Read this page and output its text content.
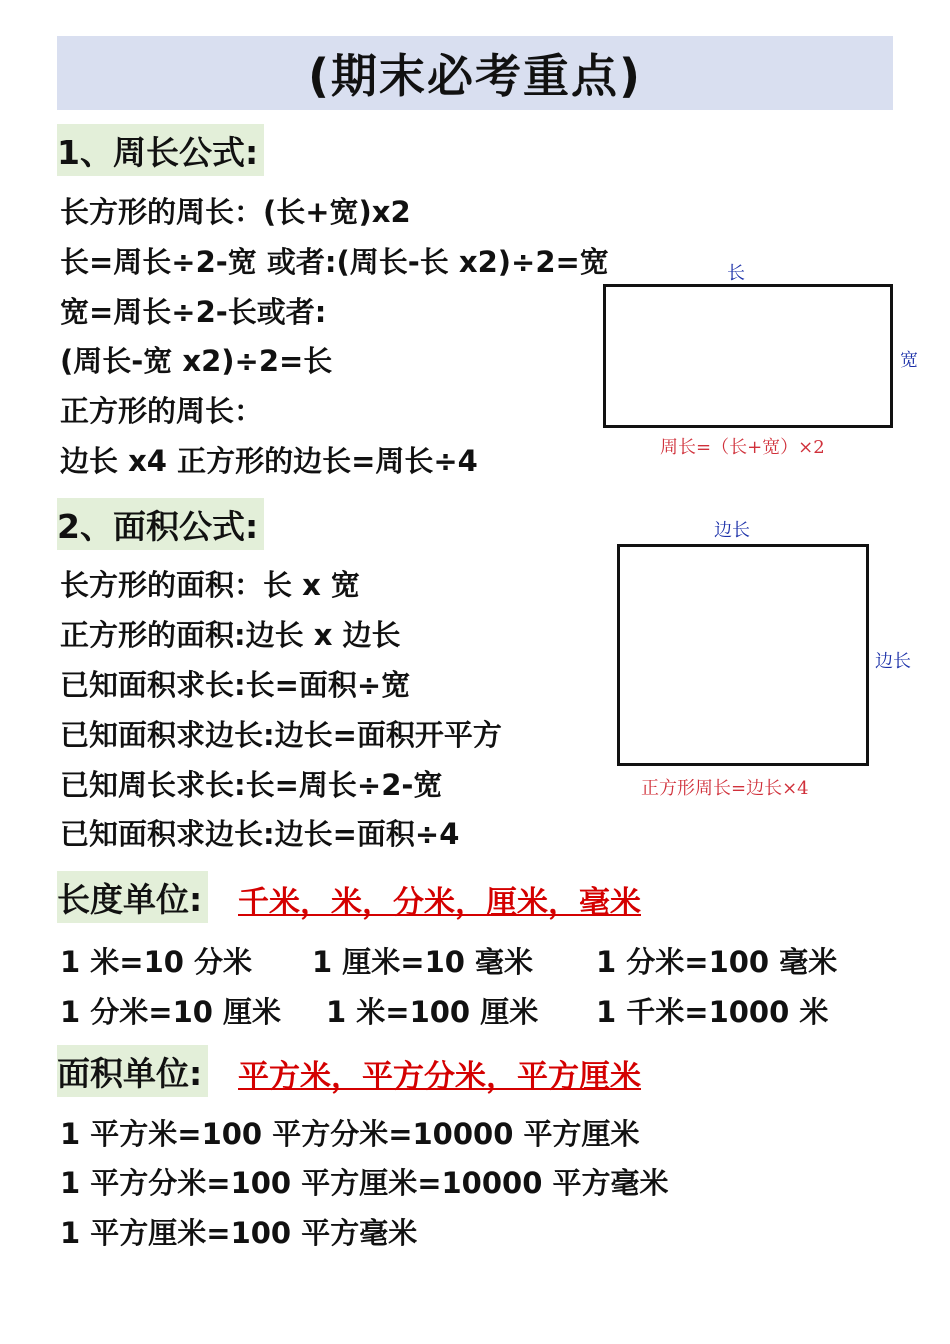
(期末必考重点)
1、周长公式:
长方形的周长：(长+宽)x2
长=周长÷2-宽 或者:(周长-长 x2)÷2=宽
宽=周长÷2-长或者:
(周长-宽 x2)÷2=长
正方形的周长：
边长 x4 正方形的边长=周长÷4
长
宽
周长=（长+宽）×2
2、面积公式:
长方形的面积：长 x 宽
正方形的面积:边长 x 边长
已知面积求长:长=面积÷宽
已知面积求边长:边长=面积开平方
已知周长求长:长=周长÷2-宽
已知面积求边长:边长=面积÷4
边长
边长
正方形周长=边长×4
长度单位: 千米，米，分米，厘米，毫米
1 米=10 分米 1 厘米=10 毫米 1 分米=100 毫米
1 分米=10 厘米 1 米=100 厘米 1 千米=1000 米
面积单位: 平方米，平方分米，平方厘米
1 平方米=100 平方分米=10000 平方厘米
1 平方分米=100 平方厘米=10000 平方毫米
1 平方厘米=100 平方毫米
